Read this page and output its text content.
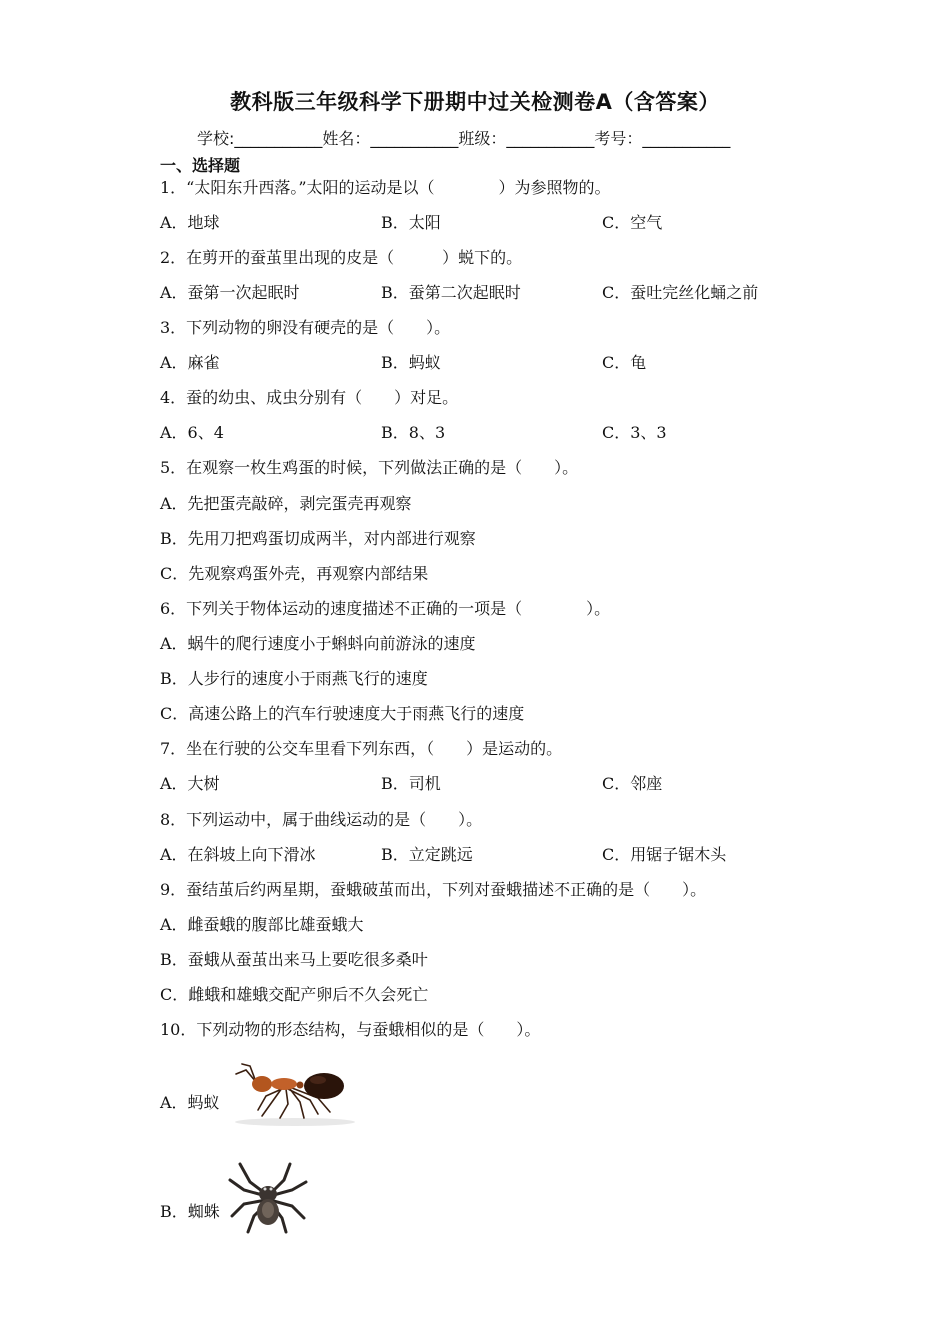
教科版三年级科学下册期中过关检测卷A（含答案）
学校:___________姓名：___________班级：___________考号：___________
一、选择题
1．“太阳东升西落。”太阳的运动是以（　　　　）为参照物的。
A．地球	B．太阳	C．空气
2．在剪开的蚕茧里出现的皮是（　　　）蜕下的。
A．蚕第一次起眠时	B．蚕第二次起眠时	C．蚕吐完丝化蛹之前
3．下列动物的卵没有硬壳的是（　　）。
A．麻雀	B．蚂蚁	C．龟
4．蚕的幼虫、成虫分别有（　　）对足。
A．6、4	B．8、3	C．3、3
5．在观察一枚生鸡蛋的时候，下列做法正确的是（　　）。
A．先把蛋壳敲碎，剥完蛋壳再观察
B．先用刀把鸡蛋切成两半，对内部进行观察
C．先观察鸡蛋外壳，再观察内部结果
6．下列关于物体运动的速度描述不正确的一项是（　　　　）。
A．蜗牛的爬行速度小于蝌蚪向前游泳的速度
B．人步行的速度小于雨燕飞行的速度
C．高速公路上的汽车行驶速度大于雨燕飞行的速度
7．坐在行驶的公交车里看下列东西，（　　）是运动的。
A．大树	B．司机	C．邻座
8．下列运动中，属于曲线运动的是（　　）。
A．在斜坡上向下滑冰	B．立定跳远	C．用锯子锯木头
9．蚕结茧后约两星期，蚕蛾破茧而出，下列对蚕蛾描述不正确的是（　　）。
A．雌蚕蛾的腹部比雄蚕蛾大
B．蚕蛾从蚕茧出来马上要吃很多桑叶
C．雌蛾和雄蛾交配产卵后不久会死亡
10．下列动物的形态结构，与蚕蛾相似的是（　　）。
A．蚂蚁
B．蜘蛛
